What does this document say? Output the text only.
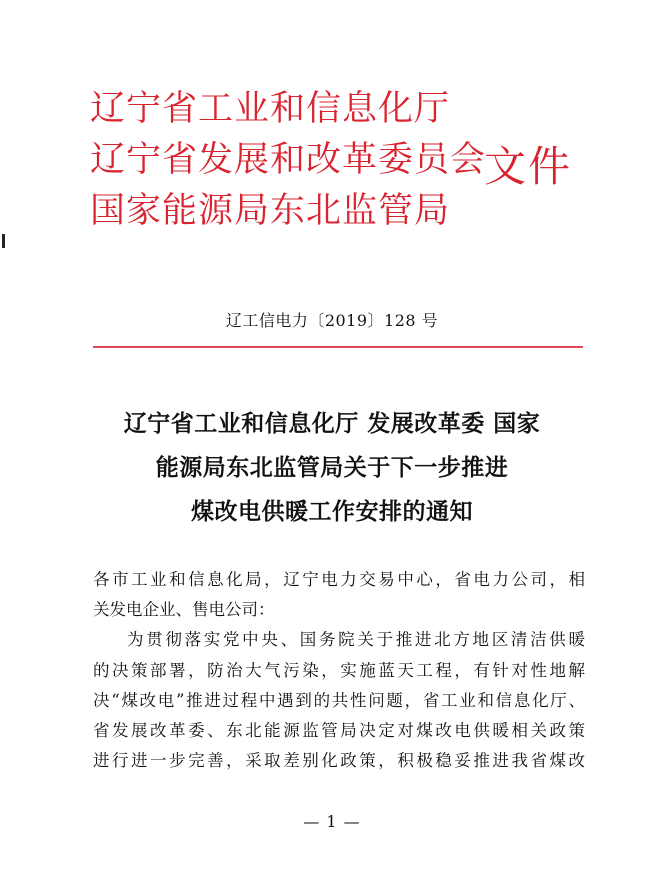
辽宁省工业和信息化厅
辽宁省发展和改革委员会
国家能源局东北监管局
文件
辽工信电力〔2019〕128 号
辽宁省工业和信息化厅 发展改革委 国家
能源局东北监管局关于下一步推进
煤改电供暖工作安排的通知
各市工业和信息化局，辽宁电力交易中心，省电力公司，相
关发电企业、售电公司：
为贯彻落实党中央、国务院关于推进北方地区清洁供暖
的决策部署，防治大气污染，实施蓝天工程，有针对性地解
决“煤改电”推进过程中遇到的共性问题，省工业和信息化厅、
省发展改革委、东北能源监管局决定对煤改电供暖相关政策
进行进一步完善，采取差别化政策，积极稳妥推进我省煤改
— 1 —
